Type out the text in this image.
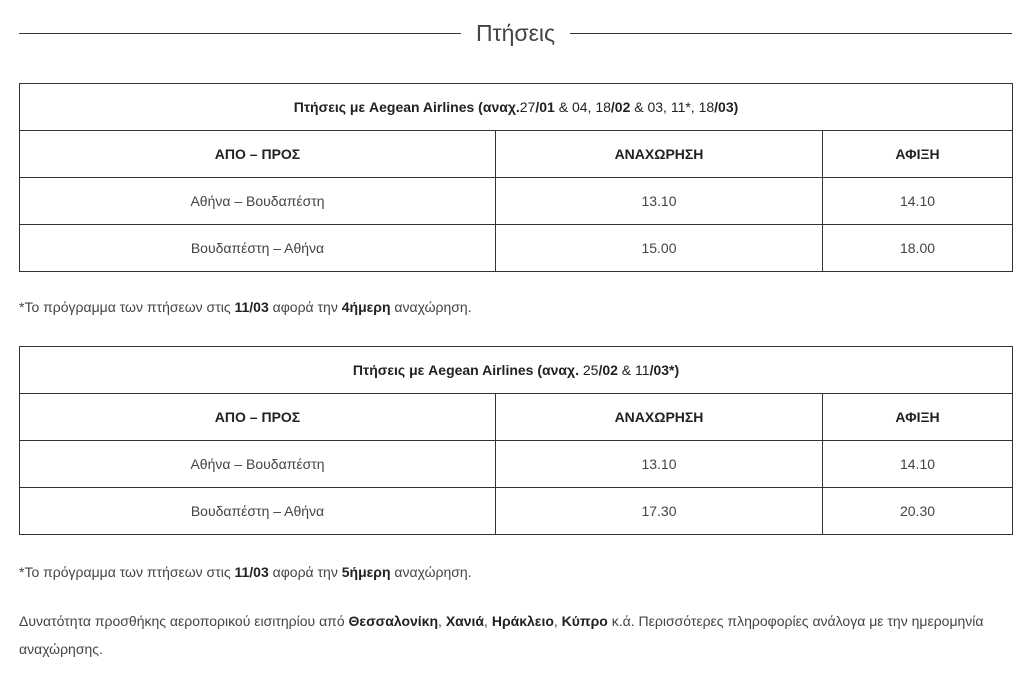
Πτήσεις
Πτήσεις με Aegean Airlines (αναχ.27/01 & 04, 18/02 & 03, 11*, 18/03)		
ΑΠΟ – ΠΡΟΣ	ΑΝΑΧΩΡΗΣΗ	ΑΦΙΞΗ
Αθήνα – Βουδαπέστη	13.10	14.10
Βουδαπέστη – Αθήνα	15.00	18.00
*Το πρόγραμμα των πτήσεων στις 11/03 αφορά την 4ήμερη αναχώρηση.
Πτήσεις με Aegean Airlines (αναχ. 25/02 & 11/03*)		
ΑΠΟ – ΠΡΟΣ	ΑΝΑΧΩΡΗΣΗ	ΑΦΙΞΗ
Αθήνα – Βουδαπέστη	13.10	14.10
Βουδαπέστη – Αθήνα	17.30	20.30
*Το πρόγραμμα των πτήσεων στις 11/03 αφορά την 5ήμερη αναχώρηση.
Δυνατότητα προσθήκης αεροπορικού εισιτηρίου από Θεσσαλονίκη, Χανιά, Ηράκλειο, Κύπρο κ.ά. Περισσότερες πληροφορίες ανάλογα με την ημερομηνία αναχώρησης.
